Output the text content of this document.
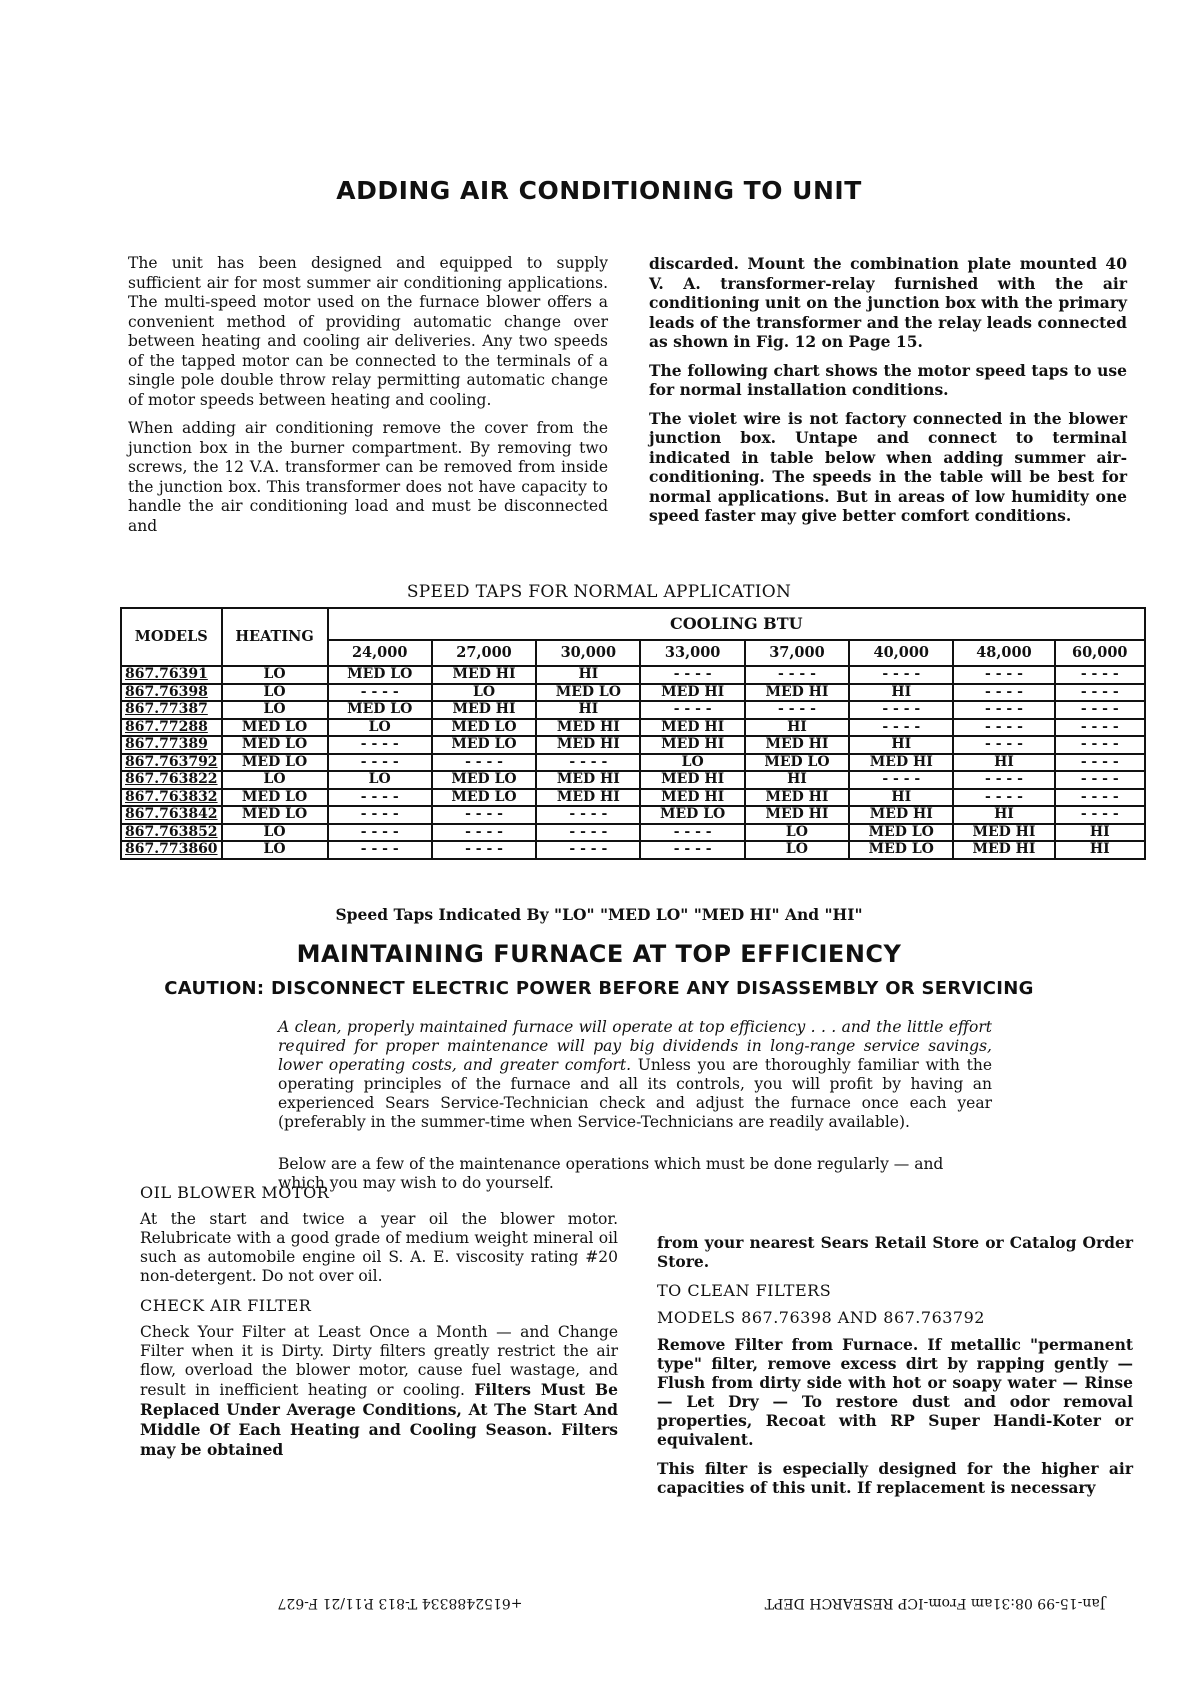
ADDING AIR CONDITIONING TO UNIT

The unit has been designed and equipped to supply sufficient air for most summer air conditioning applications. The multi-speed motor used on the furnace blower offers a convenient method of providing automatic change over between heating and cooling air deliveries. Any two speeds of the tapped motor can be connected to the terminals of a single pole double throw relay permitting automatic change of motor speeds between heating and cooling.

When adding air conditioning remove the cover from the junction box in the burner compartment. By removing two screws, the 12 V.A. transformer can be removed from inside the junction box. This transformer does not have capacity to handle the air conditioning load and must be disconnected and

discarded. Mount the combination plate mounted 40 V. A. transformer-relay furnished with the air conditioning unit on the junction box with the primary leads of the transformer and the relay leads connected as shown in Fig. 12 on Page 15.

The following chart shows the motor speed taps to use for normal installation conditions.

The violet wire is not factory connected in the blower junction box. Untape and connect to terminal indicated in table below when adding summer air-conditioning. The speeds in the table will be best for normal applications. But in areas of low humidity one speed faster may give better comfort conditions.

SPEED TAPS FOR NORMAL APPLICATION
MODELS	HEATING	COOLING BTU							
		24,000	27,000	30,000	33,000	37,000	40,000	48,000	60,000
867.76391	LO	MED LO	MED HI	HI	- - - -	- - - -	- - - -	- - - -	- - - -
867.76398	LO	- - - -	LO	MED LO	MED HI	MED HI	HI	- - - -	- - - -
867.77387	LO	MED LO	MED HI	HI	- - - -	- - - -	- - - -	- - - -	- - - -
867.77288	MED LO	LO	MED LO	MED HI	MED HI	HI	- - - -	- - - -	- - - -
867.77389	MED LO	- - - -	MED LO	MED HI	MED HI	MED HI	HI	- - - -	- - - -
867.763792	MED LO	- - - -	- - - -	- - - -	LO	MED LO	MED HI	HI	- - - -
867.763822	LO	LO	MED LO	MED HI	MED HI	HI	- - - -	- - - -	- - - -
867.763832	MED LO	- - - -	MED LO	MED HI	MED HI	MED HI	HI	- - - -	- - - -
867.763842	MED LO	- - - -	- - - -	- - - -	MED LO	MED HI	MED HI	HI	- - - -
867.763852	LO	- - - -	- - - -	- - - -	- - - -	LO	MED LO	MED HI	HI
867.773860	LO	- - - -	- - - -	- - - -	- - - -	LO	MED LO	MED HI	HI
Speed Taps Indicated By "LO" "MED LO" "MED HI" And "HI"
MAINTAINING FURNACE AT TOP EFFICIENCY
CAUTION: DISCONNECT ELECTRIC POWER BEFORE ANY DISASSEMBLY OR SERVICING

A clean, properly maintained furnace will operate at top efficiency . . . and the little effort required for proper maintenance will pay big dividends in long-range service savings, lower operating costs, and greater comfort. Unless you are thoroughly familiar with the operating principles of the furnace and all its controls, you will profit by having an experienced Sears Service-Technician check and adjust the furnace once each year (preferably in the summer-time when Service-Technicians are readily available).

Below are a few of the maintenance operations which must be done regularly — and which you may wish to do yourself.
OIL BLOWER MOTOR

At the start and twice a year oil the blower motor. Relubricate with a good grade of medium weight mineral oil such as automobile engine oil S. A. E. viscosity rating #20 non-detergent. Do not over oil.

CHECK AIR FILTER

Check Your Filter at Least Once a Month — and Change Filter when it is Dirty. Dirty filters greatly restrict the air flow, overload the blower motor, cause fuel wastage, and result in inefficient heating or cooling. Filters Must Be Replaced Under Average Conditions, At The Start And Middle Of Each Heating and Cooling Season. Filters may be obtained

from your nearest Sears Retail Store or Catalog Order Store.

TO CLEAN FILTERS
MODELS 867.76398 AND 867.763792

Remove Filter from Furnace. If metallic "permanent type" filter, remove excess dirt by rapping gently — Flush from dirty side with hot or soapy water — Rinse — Let Dry — To restore dust and odor removal properties, Recoat with RP Super Handi-Koter or equivalent.

This filter is especially designed for the higher air capacities of this unit. If replacement is necessary

+6152488334 T-813 P.11/21 F-627	Jan-15-99 08:31am From-ICP RESEARCH DEPT
